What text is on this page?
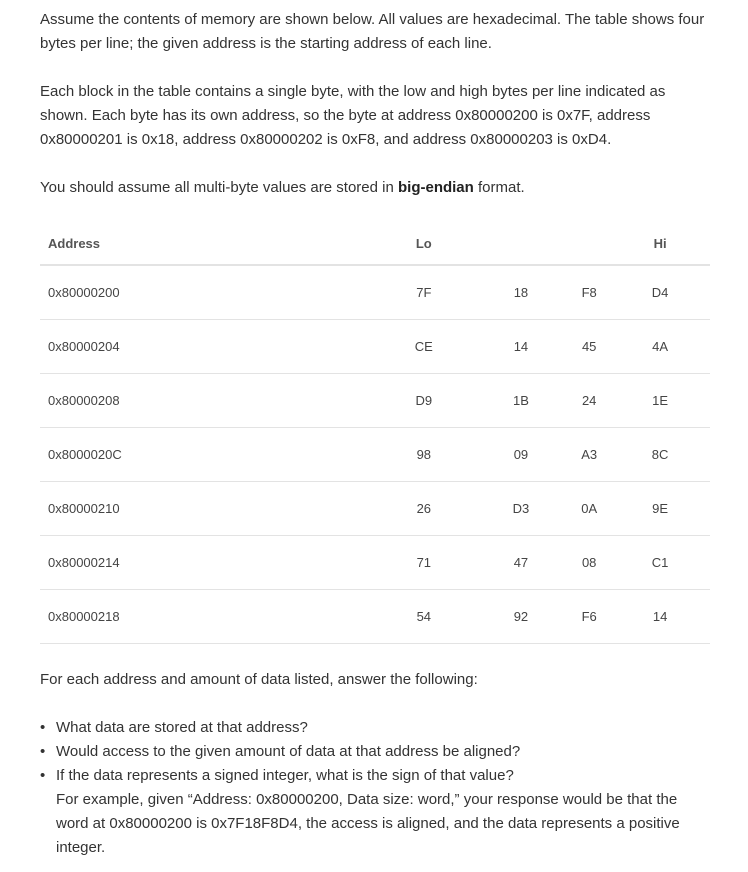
Assume the contents of memory are shown below. All values are hexadecimal. The table shows four bytes per line; the given address is the starting address of each line.

Each block in the table contains a single byte, with the low and high bytes per line indicated as shown. Each byte has its own address, so the byte at address 0x80000200 is 0x7F, address 0x80000201 is 0x18, address 0x80000202 is 0xF8, and address 0x80000203 is 0xD4.

You should assume all multi-byte values are stored in big-endian format.

Address	Lo			Hi
0x80000200	7F	18	F8	D4
0x80000204	CE	14	45	4A
0x80000208	D9	1B	24	1E
0x8000020C	98	09	A3	8C
0x80000210	26	D3	0A	9E
0x80000214	71	47	08	C1
0x80000218	54	92	F6	14

For each address and amount of data listed, answer the following:

• What data are stored at that address?
• Would access to the given amount of data at that address be aligned?
• If the data represents a signed integer, what is the sign of that value?
For example, given “Address: 0x80000200, Data size: word,” your response would be that the word at 0x80000200 is 0x7F18F8D4, the access is aligned, and the data represents a positive integer.
